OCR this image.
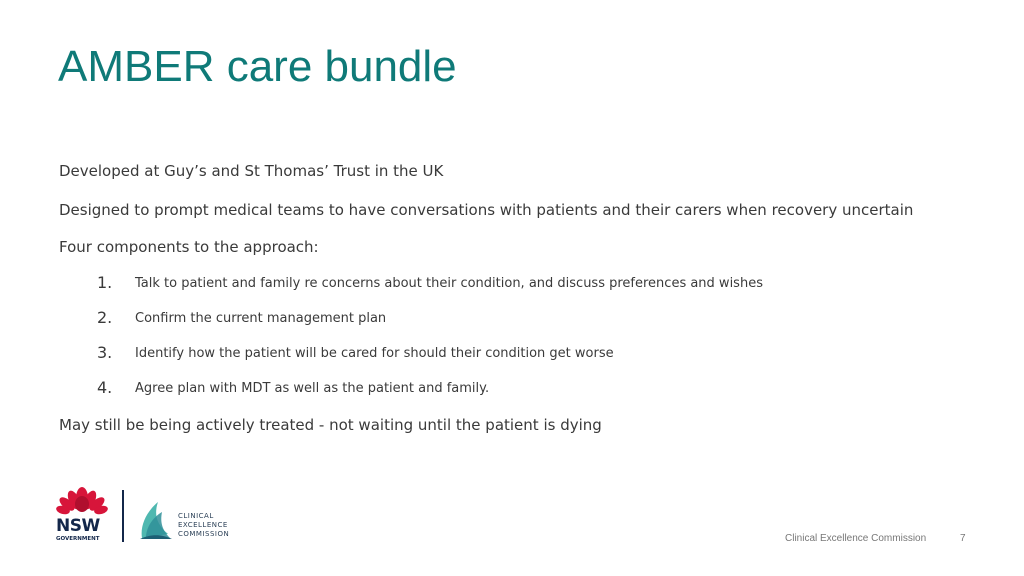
AMBER care bundle
Developed at Guy’s and St Thomas’ Trust in the UK
Designed to prompt medical teams to have conversations with patients and their carers when recovery uncertain
Four components to the approach:
1. Talk to patient and family re concerns about their condition, and discuss preferences and wishes
2. Confirm the current management plan
3. Identify how the patient will be cared for should their condition get worse
4. Agree plan with MDT as well as the patient and family.
May still be being actively treated - not waiting until the patient is dying
NSW
GOVERNMENT
CLINICAL
EXCELLENCE
COMMISSION	Clinical Excellence Commission	7
